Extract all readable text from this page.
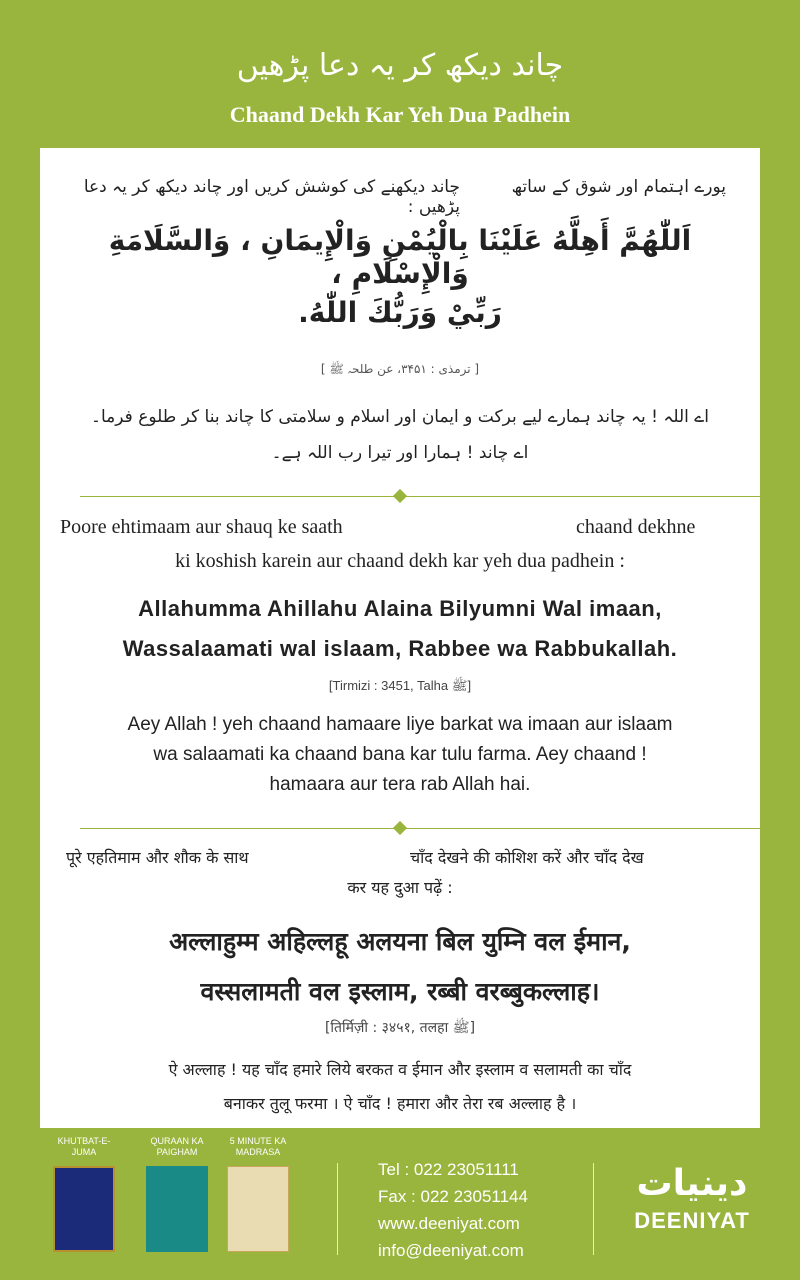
چاند دیکھ کر یہ دعا پڑھیں
Chaand Dekh Kar Yeh Dua Padhein
پورے اہتمام اور شوق کے ساتھ
چاند دیکھنے کی کوشش کریں اور چاند دیکھ کر یہ دعا پڑھیں :
اَللّٰهُمَّ أَهِلَّهُ عَلَيْنَا بِالْيُمْنِ وَالْإِيمَانِ ، وَالسَّلَامَةِ وَالْإِسْلَامِ ،
رَبِّيْ وَرَبُّكَ اللّٰهُ.
[ ترمذی : ۳۴۵۱، عن طلحہ ﷺ ]
اے اللہ ! یہ چاند ہمارے لیے برکت و ایمان اور اسلام و سلامتی کا چاند بنا کر طلوع فرما۔
اے چاند ! ہمارا اور تیرا رب اللہ ہے۔
Poore ehtimaam aur shauq ke saath	chaand dekhne
ki koshish karein aur chaand dekh kar yeh dua padhein :
Allahumma Ahillahu Alaina Bilyumni Wal imaan,
Wassalaamati wal islaam, Rabbee wa Rabbukallah.
[Tirmizi : 3451, Talha ﷺ]
Aey Allah ! yeh chaand hamaare liye barkat wa imaan aur islaam
wa salaamati ka chaand bana kar tulu farma. Aey chaand !
hamaara aur tera rab Allah hai.
पूरे एहतिमाम और शौक के साथ	चाँद देखने की कोशिश करें और चाँद देख
कर यह दुआ पढ़ें :
अल्लाहुम्म अहिल्लहू अलयना बिल युम्नि वल ईमान,
वस्सलामती वल इस्लाम, रब्बी वरब्बुकल्लाह।
[तिर्मिज़ी : ३४५१, तलहा ﷺ]
ऐ अल्लाह ! यह चाँद हमारे लिये बरकत व ईमान और इस्लाम व सलामती का चाँद
बनाकर तुलू फरमा । ऐ चाँद ! हमारा और तेरा रब अल्लाह है ।
KHUTBAT-E-JUMA
QURAAN KA PAIGHAM
5 MINUTE KA MADRASA
Tel : 022 23051111
Fax : 022 23051144
www.deeniyat.com
info@deeniyat.com
دینیات
DEENIYAT
